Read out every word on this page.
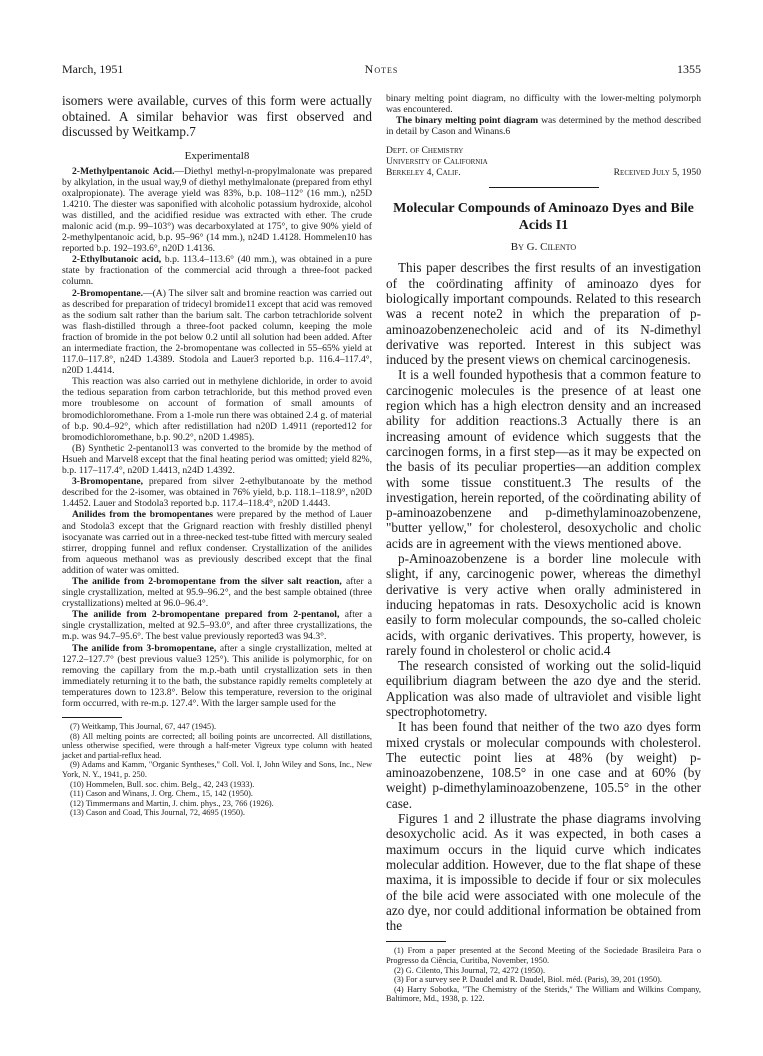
March, 1951	Notes	1355

isomers were available, curves of this form were actually obtained. A similar behavior was first observed and discussed by Weitkamp.7

Experimental8

2-Methylpentanoic Acid.—Diethyl methyl-n-propylmalonate was prepared by alkylation, in the usual way,9 of diethyl methylmalonate (prepared from ethyl oxalpropionate). The average yield was 83%, b.p. 108–112° (16 mm.), n25D 1.4210. The diester was saponified with alcoholic potassium hydroxide, alcohol was distilled, and the acidified residue was extracted with ether. The crude malonic acid (m.p. 99–103°) was decarboxylated at 175°, to give 90% yield of 2-methylpentanoic acid, b.p. 95–96° (14 mm.), n24D 1.4128. Hommelen10 has reported b.p. 192–193.6°, n20D 1.4136.

2-Ethylbutanoic acid, b.p. 113.4–113.6° (40 mm.), was obtained in a pure state by fractionation of the commercial acid through a three-foot packed column.

2-Bromopentane.—(A) The silver salt and bromine reaction was carried out as described for preparation of tridecyl bromide11 except that acid was removed as the sodium salt rather than the barium salt. The carbon tetrachloride solvent was flash-distilled through a three-foot packed column, keeping the mole fraction of bromide in the pot below 0.2 until all solution had been added. After an intermediate fraction, the 2-bromopentane was collected in 55–65% yield at 117.0–117.8°, n24D 1.4389. Stodola and Lauer3 reported b.p. 116.4–117.4°, n20D 1.4414.

This reaction was also carried out in methylene dichloride, in order to avoid the tedious separation from carbon tetrachloride, but this method proved even more troublesome on account of formation of small amounts of bromodichloromethane. From a 1-mole run there was obtained 2.4 g. of material of b.p. 90.4–92°, which after redistillation had n20D 1.4911 (reported12 for bromodichloromethane, b.p. 90.2°, n20D 1.4985).

(B) Synthetic 2-pentanol13 was converted to the bromide by the method of Hsueh and Marvel8 except that the final heating period was omitted; yield 82%, b.p. 117–117.4°, n20D 1.4413, n24D 1.4392.

3-Bromopentane, prepared from silver 2-ethylbutanoate by the method described for the 2-isomer, was obtained in 76% yield, b.p. 118.1–118.9°, n20D 1.4452. Lauer and Stodola3 reported b.p. 117.4–118.4°, n20D 1.4443.

Anilides from the bromopentanes were prepared by the method of Lauer and Stodola3 except that the Grignard reaction with freshly distilled phenyl isocyanate was carried out in a three-necked test-tube fitted with mercury sealed stirrer, dropping funnel and reflux condenser. Crystallization of the anilides from aqueous methanol was as previously described except that the final addition of water was omitted.

The anilide from 2-bromopentane from the silver salt reaction, after a single crystallization, melted at 95.9–96.2°, and the best sample obtained (three crystallizations) melted at 96.0–96.4°.

The anilide from 2-bromopentane prepared from 2-pentanol, after a single crystallization, melted at 92.5–93.0°, and after three crystallizations, the m.p. was 94.7–95.6°. The best value previously reported3 was 94.3°.

The anilide from 3-bromopentane, after a single crystallization, melted at 127.2–127.7° (best previous value3 125°). This anilide is polymorphic, for on removing the capillary from the m.p.-bath until crystallization sets in then immediately returning it to the bath, the substance rapidly remelts completely at temperatures down to 123.8°. Below this temperature, reversion to the original form occurred, with re-m.p. 127.4°. With the larger sample used for the

(7) Weitkamp, This Journal, 67, 447 (1945).

(8) All melting points are corrected; all boiling points are uncorrected. All distillations, unless otherwise specified, were through a half-meter Vigreux type column with heated jacket and partial-reflux head.

(9) Adams and Kamm, "Organic Syntheses," Coll. Vol. I, John Wiley and Sons, Inc., New York, N. Y., 1941, p. 250.

(10) Hommelen, Bull. soc. chim. Belg., 42, 243 (1933).

(11) Cason and Winans, J. Org. Chem., 15, 142 (1950).

(12) Timmermans and Martin, J. chim. phys., 23, 766 (1926).

(13) Cason and Coad, This Journal, 72, 4695 (1950).

binary melting point diagram, no difficulty with the lower-melting polymorph was encountered.

The binary melting point diagram was determined by the method described in detail by Cason and Winans.6

Dept. of Chemistry

University of California

Berkeley 4, Calif.	Received July 5, 1950

Molecular Compounds of Aminoazo Dyes and Bile Acids I1

By G. Cilento

This paper describes the first results of an investigation of the coördinating affinity of aminoazo dyes for biologically important compounds. Related to this research was a recent note2 in which the preparation of p-aminoazobenzenecholeic acid and of its N-dimethyl derivative was reported. Interest in this subject was induced by the present views on chemical carcinogenesis.

It is a well founded hypothesis that a common feature to carcinogenic molecules is the presence of at least one region which has a high electron density and an increased ability for addition reactions.3 Actually there is an increasing amount of evidence which suggests that the carcinogen forms, in a first step—as it may be expected on the basis of its peculiar properties—an addition complex with some tissue constituent.3 The results of the investigation, herein reported, of the coördinating ability of p-aminoazobenzene and p-dimethylaminoazobenzene, "butter yellow," for cholesterol, desoxycholic and cholic acids are in agreement with the views mentioned above.

p-Aminoazobenzene is a border line molecule with slight, if any, carcinogenic power, whereas the dimethyl derivative is very active when orally administered in inducing hepatomas in rats. Desoxycholic acid is known easily to form molecular compounds, the so-called choleic acids, with organic derivatives. This property, however, is rarely found in cholesterol or cholic acid.4

The research consisted of working out the solid-liquid equilibrium diagram between the azo dye and the sterid. Application was also made of ultraviolet and visible light spectrophotometry.

It has been found that neither of the two azo dyes form mixed crystals or molecular compounds with cholesterol. The eutectic point lies at 48% (by weight) p-aminoazobenzene, 108.5° in one case and at 60% (by weight) p-dimethylaminoazobenzene, 105.5° in the other case.

Figures 1 and 2 illustrate the phase diagrams involving desoxycholic acid. As it was expected, in both cases a maximum occurs in the liquid curve which indicates molecular addition. However, due to the flat shape of these maxima, it is impossible to decide if four or six molecules of the bile acid were associated with one molecule of the azo dye, nor could additional information be obtained from the

(1) From a paper presented at the Second Meeting of the Sociedade Brasileira Para o Progresso da Ciência, Curitiba, November, 1950.

(2) G. Cilento, This Journal, 72, 4272 (1950).

(3) For a survey see P. Daudel and R. Daudel, Biol. méd. (Paris), 39, 201 (1950).

(4) Harry Sobotka, "The Chemistry of the Sterids," The William and Wilkins Company, Baltimore, Md., 1938, p. 122.
